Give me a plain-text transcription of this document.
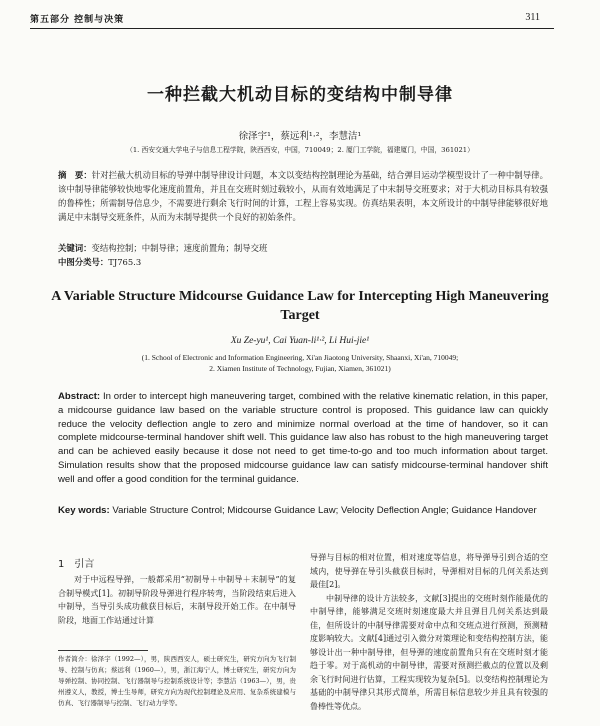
第五部分 控制与决策	311
一种拦截大机动目标的变结构中制导律
徐泽宇¹，蔡远利¹·²，李慧洁¹
（1. 西安交通大学电子与信息工程学院，陕西西安，中国，710049；2. 厦门工学院，福建厦门，中国，361021）
摘　要：针对拦截大机动目标的导弹中制导律设计问题，本文以变结构控制理论为基础，结合弹目运动学模型设计了一种中制导律。该中制导律能够较快地零化速度前置角，并且在交班时刻过载较小，从而有效地满足了中末制导交班要求；对于大机动目标具有较强的鲁棒性；所需制导信息少，不需要进行剩余飞行时间的计算，工程上容易实现。仿真结果表明，本文所设计的中制导律能够很好地满足中末制导交班条件，从而为末制导提供一个良好的初始条件。
关键词：变结构控制；中制导律；速度前置角；制导交班
中图分类号：TJ765.3
A Variable Structure Midcourse Guidance Law for Intercepting High Maneuvering Target
Xu Ze-yu¹, Cai Yuan-li¹·², Li Hui-jie¹
(1. School of Electronic and Information Engineering, Xi'an Jiaotong University, Shaanxi, Xi'an, 710049;
2. Xiamen Institute of Technology, Fujian, Xiamen, 361021)
Abstract: In order to intercept high maneuvering target, combined with the relative kinematic relation, in this paper, a midcourse guidance law based on the variable structure control is proposed. This guidance law can quickly reduce the velocity deflection angle to zero and minimize normal overload at the time of handover, so it can complete midcourse-terminal handover shift well. This guidance law also has robust to the high maneuvering target and can be achieved easily because it dose not need to get time-to-go and too much information about target. Simulation results show that the proposed midcourse guidance law can satisfy midcourse-terminal handover shift well and offer a good condition for the terminal guidance.
Key words: Variable Structure Control; Midcourse Guidance Law; Velocity Deflection Angle; Guidance Handover
1　引言
对于中远程导弹，一般都采用“初制导＋中制导＋末制导”的复合制导模式[1]。初制导阶段导弹进行程序转弯，当阶段结束后进入中制导，当导引头成功截获目标后，末制导段开始工作。在中制导阶段，地面工作站通过计算
作者简介：徐泽宇（1992—），男，陕西西安人，硕士研究生，研究方向为飞行制导、控制与仿真；蔡远利（1960—），男，浙江海宁人，博士研究生，研究方向为导弹控制、协同控制、飞行器制导与控制系统设计等；李慧洁（1963—），男，贵州遵义人，教授，博士生导师，研究方向为现代控制理论及应用、复杂系统建模与仿真、飞行器制导与控制、飞行动力学等。

导弹与目标的相对位置，相对速度等信息，将导弹导引到合适的空域内，使导弹在导引头截获目标时，导弹相对目标的几何关系达到最佳[2]。

中制导律的设计方法较多，文献[3]提出的交班时刻作能最优的中制导律，能够满足交班时刻速度最大并且弹目几何关系达到最佳，但所设计的中制导律需要对命中点和交班点进行预测，预测精度影响较大。文献[4]通过引入微分对策理论和变结构控制方法，能够设计出一种中制导律，但导弹的速度前置角只有在交班时刻才能趋于零。对于高机动的中制导律，需要对预测拦截点的位置以及剩余飞行时间进行估算，工程实现较为复杂[5]。以变结构控制理论为基础的中制导律只其形式简单，所需目标信息较少并且具有较强的鲁棒性等优点。
